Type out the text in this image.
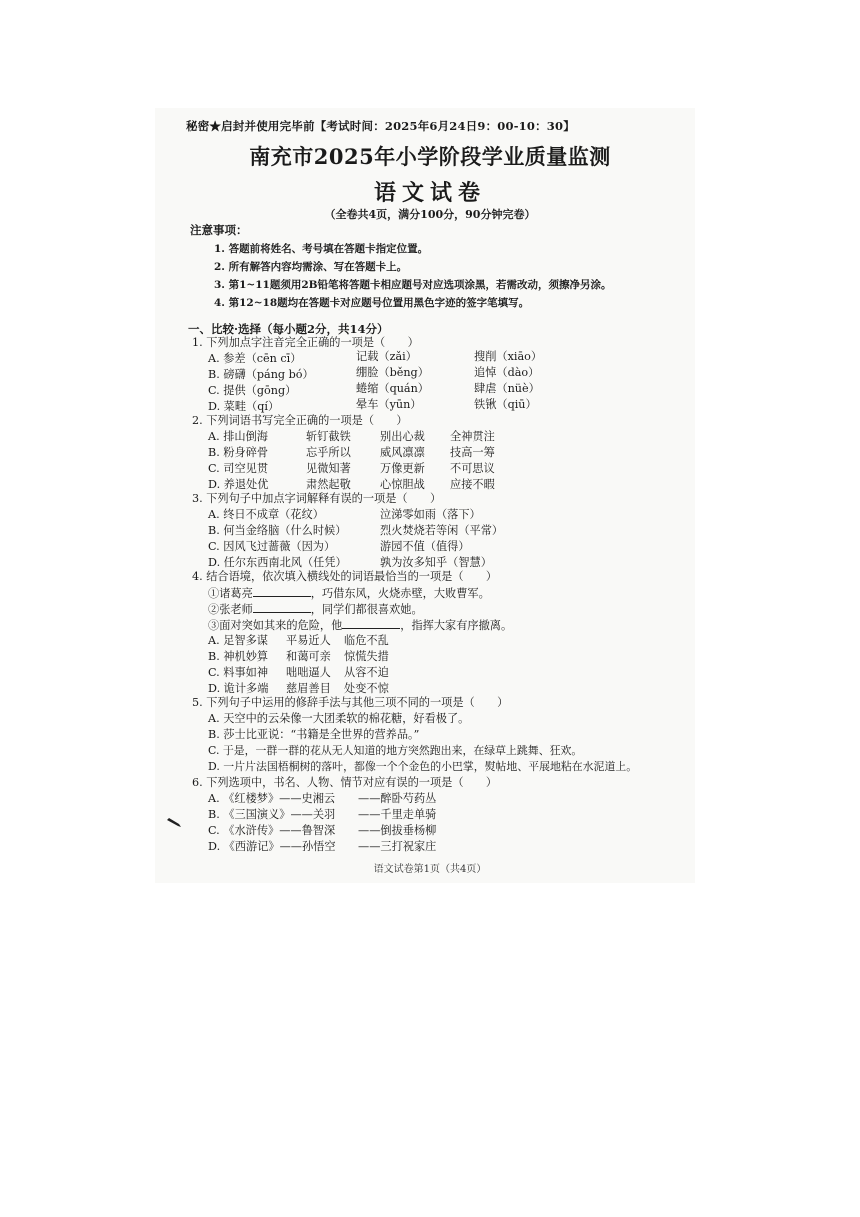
秘密★启封并使用完毕前【考试时间：2025年6月24日9：00-10：30】
南充市2025年小学阶段学业质量监测
语文试卷
（全卷共4页，满分100分，90分钟完卷）
注意事项：
1. 答题前将姓名、考号填在答题卡指定位置。
2. 所有解答内容均需涂、写在答题卡上。
3. 第1~11题须用2B铅笔将答题卡相应题号对应选项涂黑，若需改动，须擦净另涂。
4. 第12~18题均在答题卡对应题号位置用黑色字迹的签字笔填写。
一、比较·选择（每小题2分，共14分）
1. 下列加点字注音完全正确的一项是（　　）
A. 参差（cēn cī）	记载（zǎi）	搜削（xiāo）
B. 磅礴（páng bó）	绷脸（běng）	追悼（dào）
C. 提供（gōng）	蜷缩（quán）	肆虐（nüè）
D. 菜畦（qí）	晕车（yūn）	铁锹（qiū）
2. 下列词语书写完全正确的一项是（　　）
A. 排山倒海	斩钉截铁	别出心裁 全神贯注
B. 粉身碎骨	忘乎所以	威风凛凛 技高一筹
C. 司空见贯	见微知著	万像更新 不可思议
D. 养退处优	肃然起敬	心惊胆战 应接不暇
3. 下列句子中加点字词解释有误的一项是（　　）
A. 终日不成章（花纹）	泣涕零如雨（落下）
B. 何当金络脑（什么时候）	烈火焚烧若等闲（平常）
C. 因风飞过蔷薇（因为）	游园不值（值得）
D. 任尔东西南北风（任凭）	孰为汝多知乎（智慧）
4. 结合语境，依次填入横线处的词语最恰当的一项是（　　）
①诸葛亮	，巧借东风，火烧赤壁，大败曹军。
②张老师	，同学们都很喜欢她。
③面对突如其来的危险，他	，指挥大家有序撤离。
A. 足智多谋 平易近人 临危不乱
B. 神机妙算 和蔼可亲 惊慌失措
C. 料事如神 咄咄逼人 从容不迫
D. 诡计多端 慈眉善目 处变不惊
5. 下列句子中运用的修辞手法与其他三项不同的一项是（　　）
A. 天空中的云朵像一大团柔软的棉花糖，好看极了。
B. 莎士比亚说：“书籍是全世界的营养品。”
C. 于是，一群一群的花从无人知道的地方突然跑出来，在绿草上跳舞、狂欢。
D. 一片片法国梧桐树的落叶，都像一个个金色的小巴掌，熨帖地、平展地粘在水泥道上。
6. 下列选项中，书名、人物、情节对应有误的一项是（　　）
A. 《红楼梦》——史湘云 ——醉卧芍药丛
B. 《三国演义》——关羽 ——千里走单骑
C. 《水浒传》——鲁智深 ——倒拔垂杨柳
D. 《西游记》——孙悟空 ——三打祝家庄
语文试卷第1页（共4页）
